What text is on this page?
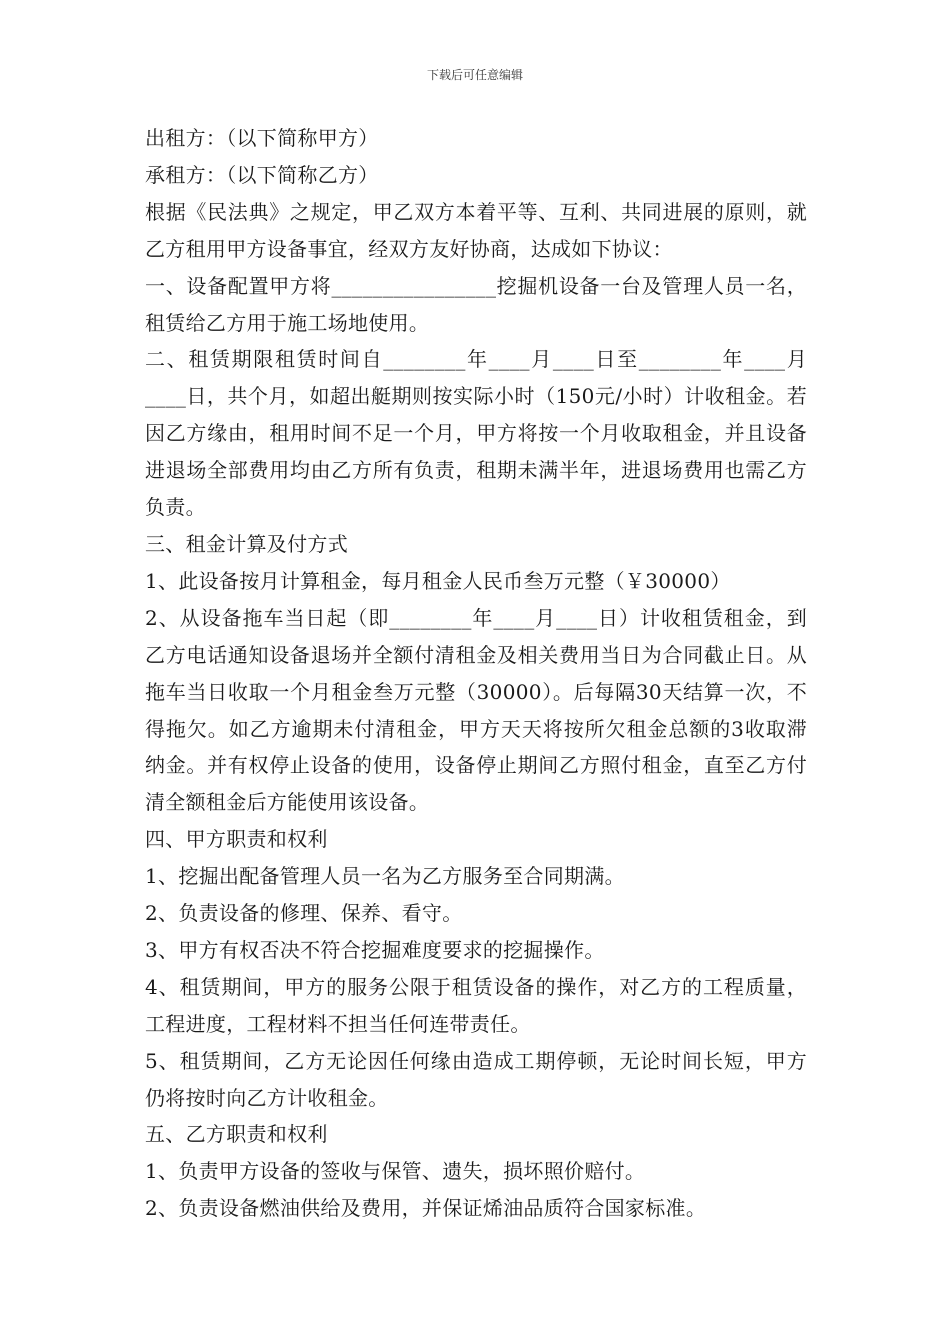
下载后可任意编辑

出租方：（以下简称甲方）

承租方：（以下简称乙方）

根据《民法典》之规定，甲乙双方本着平等、互利、共同进展的原则，就乙方租用甲方设备事宜，经双方友好协商，达成如下协议：

一、设备配置甲方将________________挖掘机设备一台及管理人员一名，租赁给乙方用于施工场地使用。

二、租赁期限租赁时间自________年____月____日至________年____月____日，共个月，如超出艇期则按实际小时（150元/小时）计收租金。若因乙方缘由，租用时间不足一个月，甲方将按一个月收取租金，并且设备进退场全部费用均由乙方所有负责，租期未满半年，进退场费用也需乙方负责。

三、租金计算及付方式

1、此设备按月计算租金，每月租金人民币叁万元整（￥30000）

2、从设备拖车当日起（即________年____月____日）计收租赁租金，到乙方电话通知设备退场并全额付清租金及相关费用当日为合同截止日。从拖车当日收取一个月租金叁万元整（30000）。后每隔30天结算一次，不得拖欠。如乙方逾期未付清租金，甲方天天将按所欠租金总额的3收取滞纳金。并有权停止设备的使用，设备停止期间乙方照付租金，直至乙方付清全额租金后方能使用该设备。

四、甲方职责和权利

1、挖掘出配备管理人员一名为乙方服务至合同期满。

2、负责设备的修理、保养、看守。

3、甲方有权否决不符合挖掘难度要求的挖掘操作。

4、租赁期间，甲方的服务公限于租赁设备的操作，对乙方的工程质量，工程进度，工程材料不担当任何连带责任。

5、租赁期间，乙方无论因任何缘由造成工期停顿，无论时间长短，甲方仍将按时向乙方计收租金。

五、乙方职责和权利

1、负责甲方设备的签收与保管、遗失，损坏照价赔付。

2、负责设备燃油供给及费用，并保证烯油品质符合国家标准。
